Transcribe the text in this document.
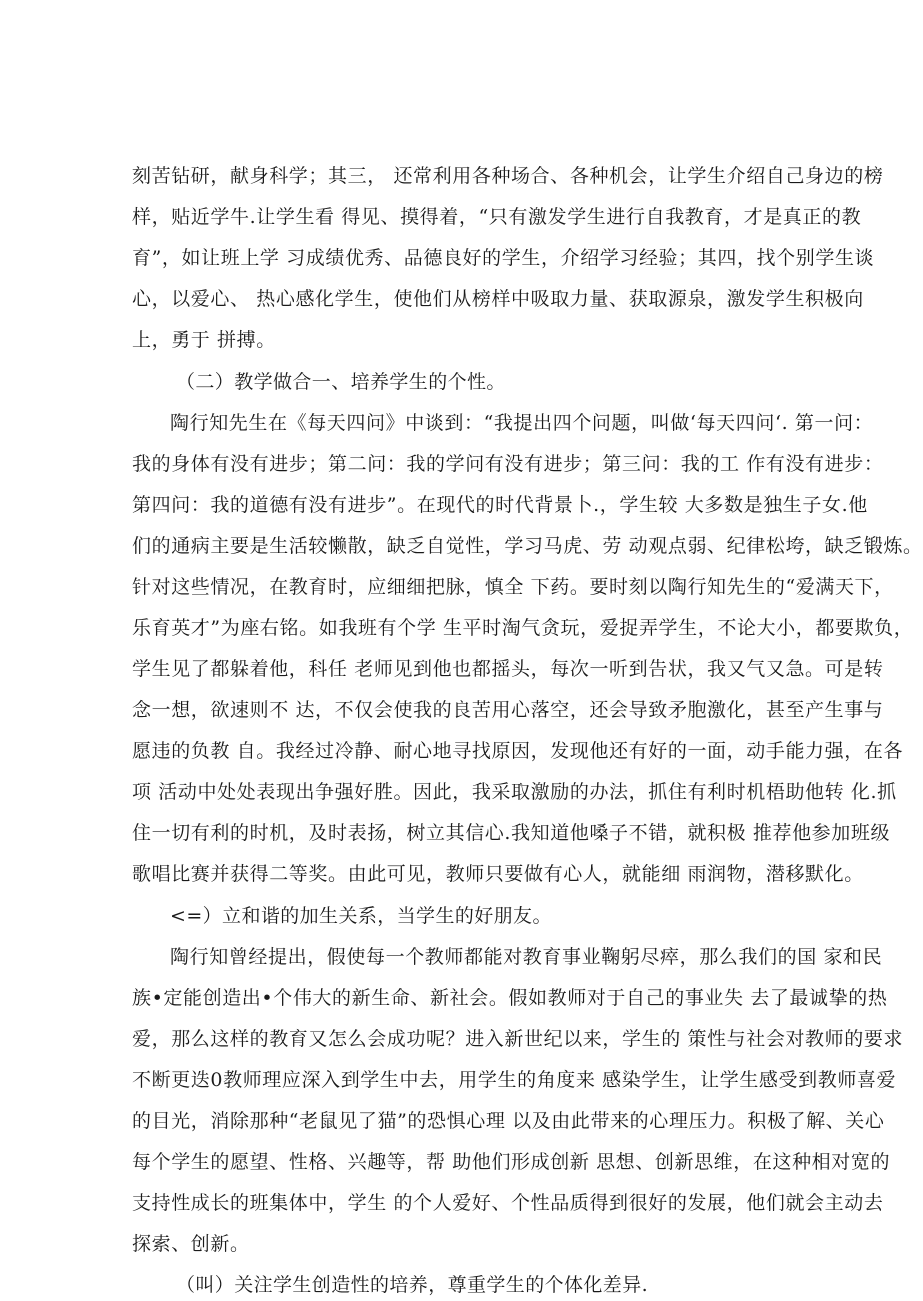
刻苦钻研，献身科学；其三， 还常利用各种场合、各种机会，让学生介绍自己身边的榜
样，贴近学牛.让学生看 得见、摸得着，“只有激发学生进行自我教育，才是真正的教
育”，如让班上学 习成绩优秀、品德良好的学生，介绍学习经验；其四，找个别学生谈
心，以爱心、 热心感化学生，使他们从榜样中吸取力量、获取源泉，激发学生积极向
上，勇于 拼搏。
（二）教学做合一、培养学生的个性。
陶行知先生在《每天四问》中谈到：“我提出四个问题，叫做‘每天四问‘. 第一问：
我的身体有没有进步；第二问：我的学问有没有进步；第三问：我的工 作有没有进步：
第四问：我的道德有没有进步”。在现代的时代背景卜.，学生较 大多数是独生子女.他
们的通病主要是生活较懒散，缺乏自觉性，学习马虎、劳 动观点弱、纪律松垮，缺乏锻炼。
针对这些情况，在教育时，应细细把脉，慎全 下药。要时刻以陶行知先生的“爱满天下，
乐育英才”为座右铭。如我班有个学 生平时淘气贪玩，爱捉弄学生，不论大小，都要欺负，
学生见了都躲着他，科任 老师见到他也都摇头，每次一听到告状，我又气又急。可是转
念一想，欲速则不 达，不仅会使我的良苦用心落空，还会导致矛胞激化，甚至产生事与
愿违的负教 自。我经过冷静、耐心地寻找原因，发现他还有好的一面，动手能力强，在各
项 活动中处处表现出争强好胜。因此，我采取激励的办法，抓住有利时机梧助他转 化.抓
住一切有利的时机，及时表扬，树立其信心.我知道他嗓子不错，就积极 推荐他参加班级
歌唱比赛并获得二等奖。由此可见，教师只要做有心人，就能细 雨润物，潜移默化。
<=）立和谐的加生关系，当学生的好朋友。
陶行知曾经提出，假使每一个教师都能对教育事业鞠躬尽瘁，那么我们的国 家和民
族•定能创造出•个伟大的新生命、新社会。假如教师对于自己的事业失 去了最诚挚的热
爱，那么这样的教育又怎么会成功呢？进入新世纪以来，学生的 策性与社会对教师的要求
不断更迭0教师理应深入到学生中去，用学生的角度来 感染学生，让学生感受到教师喜爱
的目光，消除那种“老鼠见了猫”的恐惧心理 以及由此带来的心理压力。积极了解、关心
每个学生的愿望、性格、兴趣等，帮 助他们形成创新 思想、创新思维，在这种相对宽的
支持性成长的班集体中，学生 的个人爱好、个性品质得到很好的发展，他们就会主动去
探索、创新。
（叫）关注学生创造性的培养，尊重学生的个体化差异.
